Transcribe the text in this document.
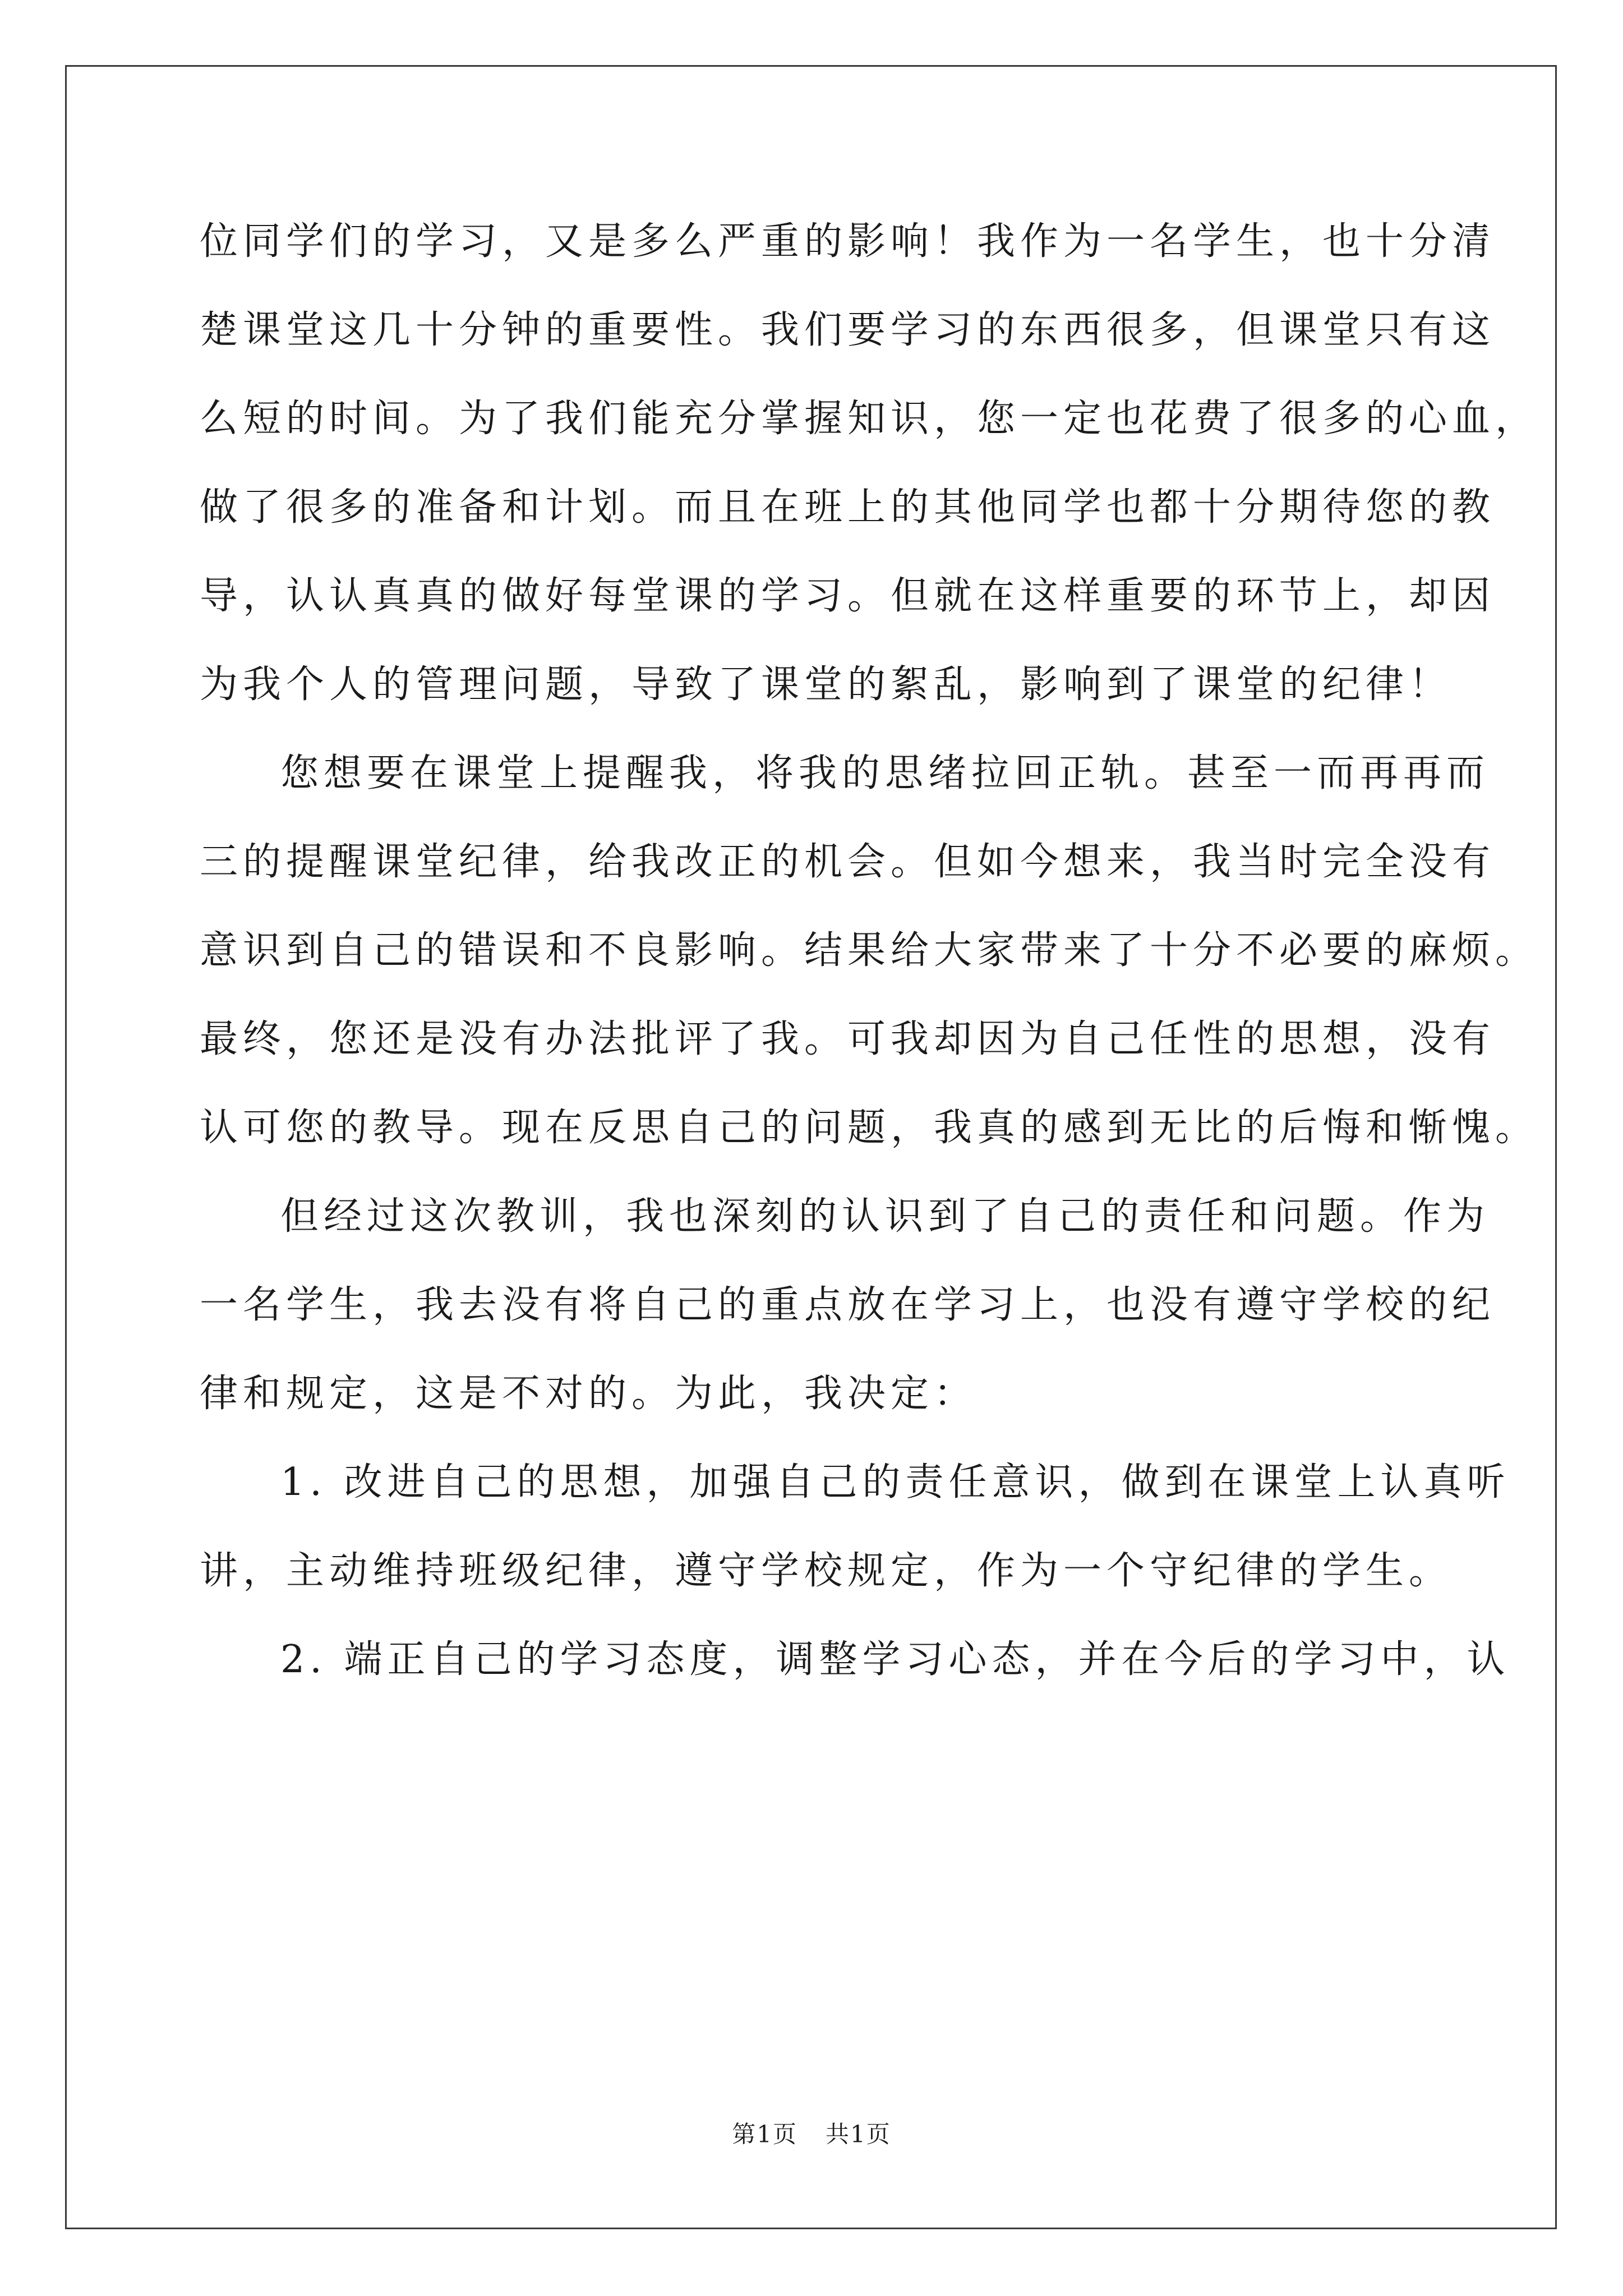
位同学们的学习，又是多么严重的影响！我作为一名学生，也十分清
楚课堂这几十分钟的重要性。我们要学习的东西很多，但课堂只有这
么短的时间。为了我们能充分掌握知识，您一定也花费了很多的心血，
做了很多的准备和计划。而且在班上的其他同学也都十分期待您的教
导，认认真真的做好每堂课的学习。但就在这样重要的环节上，却因
为我个人的管理问题，导致了课堂的絮乱，影响到了课堂的纪律！
您想要在课堂上提醒我，将我的思绪拉回正轨。甚至一而再再而
三的提醒课堂纪律，给我改正的机会。但如今想来，我当时完全没有
意识到自己的错误和不良影响。结果给大家带来了十分不必要的麻烦。
最终，您还是没有办法批评了我。可我却因为自己任性的思想，没有
认可您的教导。现在反思自己的问题，我真的感到无比的后悔和惭愧。
但经过这次教训，我也深刻的认识到了自己的责任和问题。作为
一名学生，我去没有将自己的重点放在学习上，也没有遵守学校的纪
律和规定，这是不对的。为此，我决定：
1. 改进自己的思想，加强自己的责任意识，做到在课堂上认真听
讲，主动维持班级纪律，遵守学校规定，作为一个守纪律的学生。
2. 端正自己的学习态度，调整学习心态，并在今后的学习中，认
第1页 共1页
